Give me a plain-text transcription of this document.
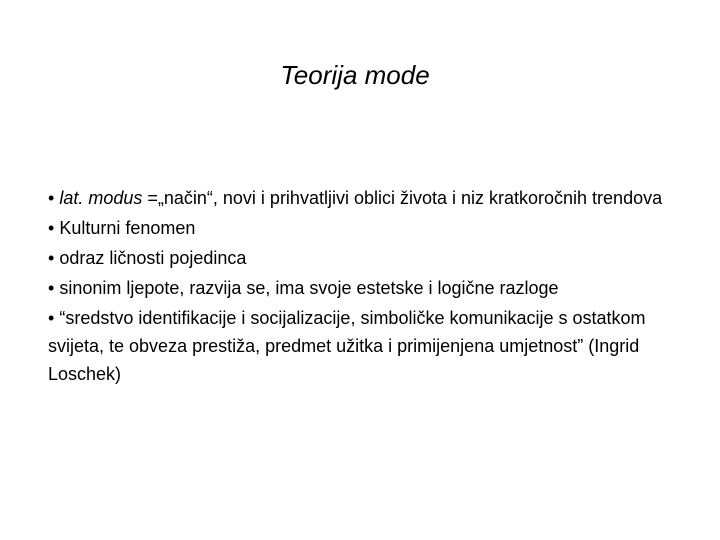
Teorija mode

• lat. modus =„način“, novi i prihvatljivi oblici života i niz kratkoročnih trendova

• Kulturni fenomen

• odraz ličnosti pojedinca

• sinonim ljepote, razvija se, ima svoje estetske i logične razloge

• “sredstvo identifikacije i socijalizacije, simboličke komunikacije s ostatkom svijeta, te obveza prestiža, predmet užitka i primijenjena umjetnost” (Ingrid Loschek)
